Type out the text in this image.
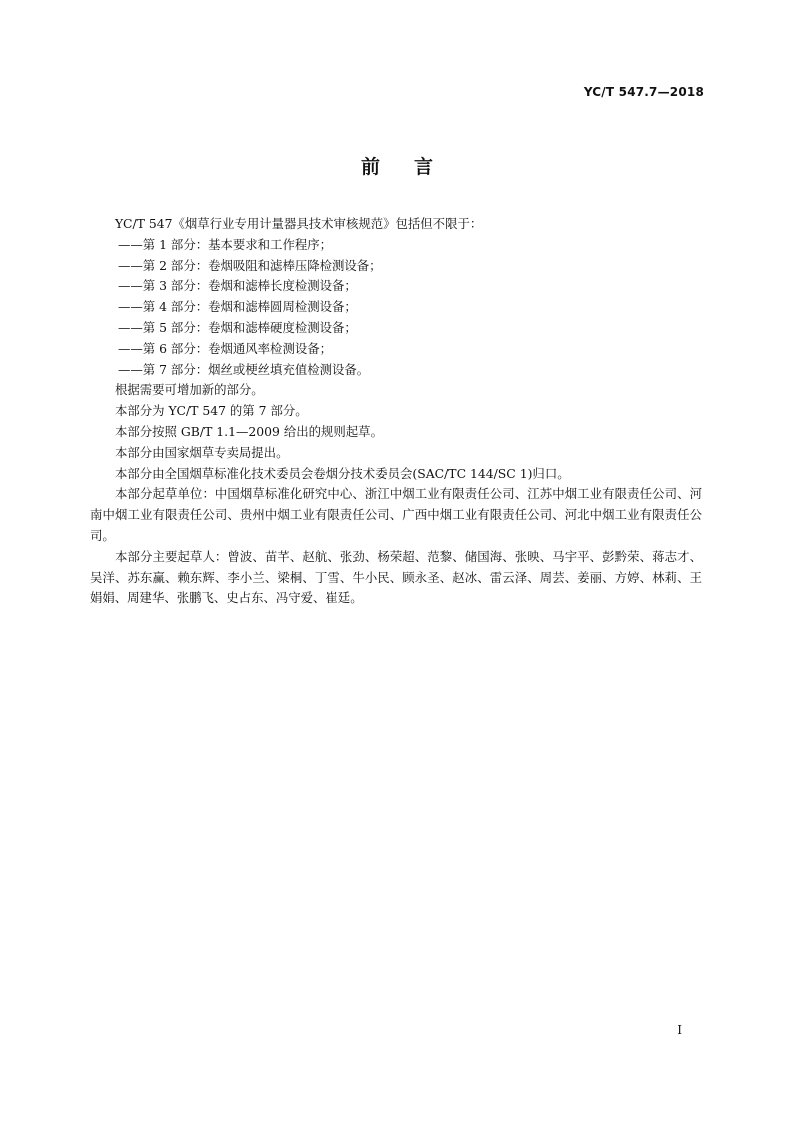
YC/T 547.7—2018
前言

YC/T 547《烟草行业专用计量器具技术审核规范》包括但不限于：

——第 1 部分：基本要求和工作程序；

——第 2 部分：卷烟吸阻和滤棒压降检测设备；

——第 3 部分：卷烟和滤棒长度检测设备；

——第 4 部分：卷烟和滤棒圆周检测设备；

——第 5 部分：卷烟和滤棒硬度检测设备；

——第 6 部分：卷烟通风率检测设备；

——第 7 部分：烟丝或梗丝填充值检测设备。

根据需要可增加新的部分。

本部分为 YC/T 547 的第 7 部分。

本部分按照 GB/T 1.1—2009 给出的规则起草。

本部分由国家烟草专卖局提出。

本部分由全国烟草标准化技术委员会卷烟分技术委员会(SAC/TC 144/SC 1)归口。

本部分起草单位：中国烟草标准化研究中心、浙江中烟工业有限责任公司、江苏中烟工业有限责任公司、河南中烟工业有限责任公司、贵州中烟工业有限责任公司、广西中烟工业有限责任公司、河北中烟工业有限责任公司。

本部分主要起草人：曾波、苗芊、赵航、张劲、杨荣超、范黎、储国海、张映、马宇平、彭黔荣、蒋志才、吴洋、苏东赢、赖东辉、李小兰、梁桐、丁雪、牛小民、顾永圣、赵冰、雷云泽、周芸、姜丽、方婷、林莉、王娟娟、周建华、张鹏飞、史占东、冯守爱、崔廷。

I
